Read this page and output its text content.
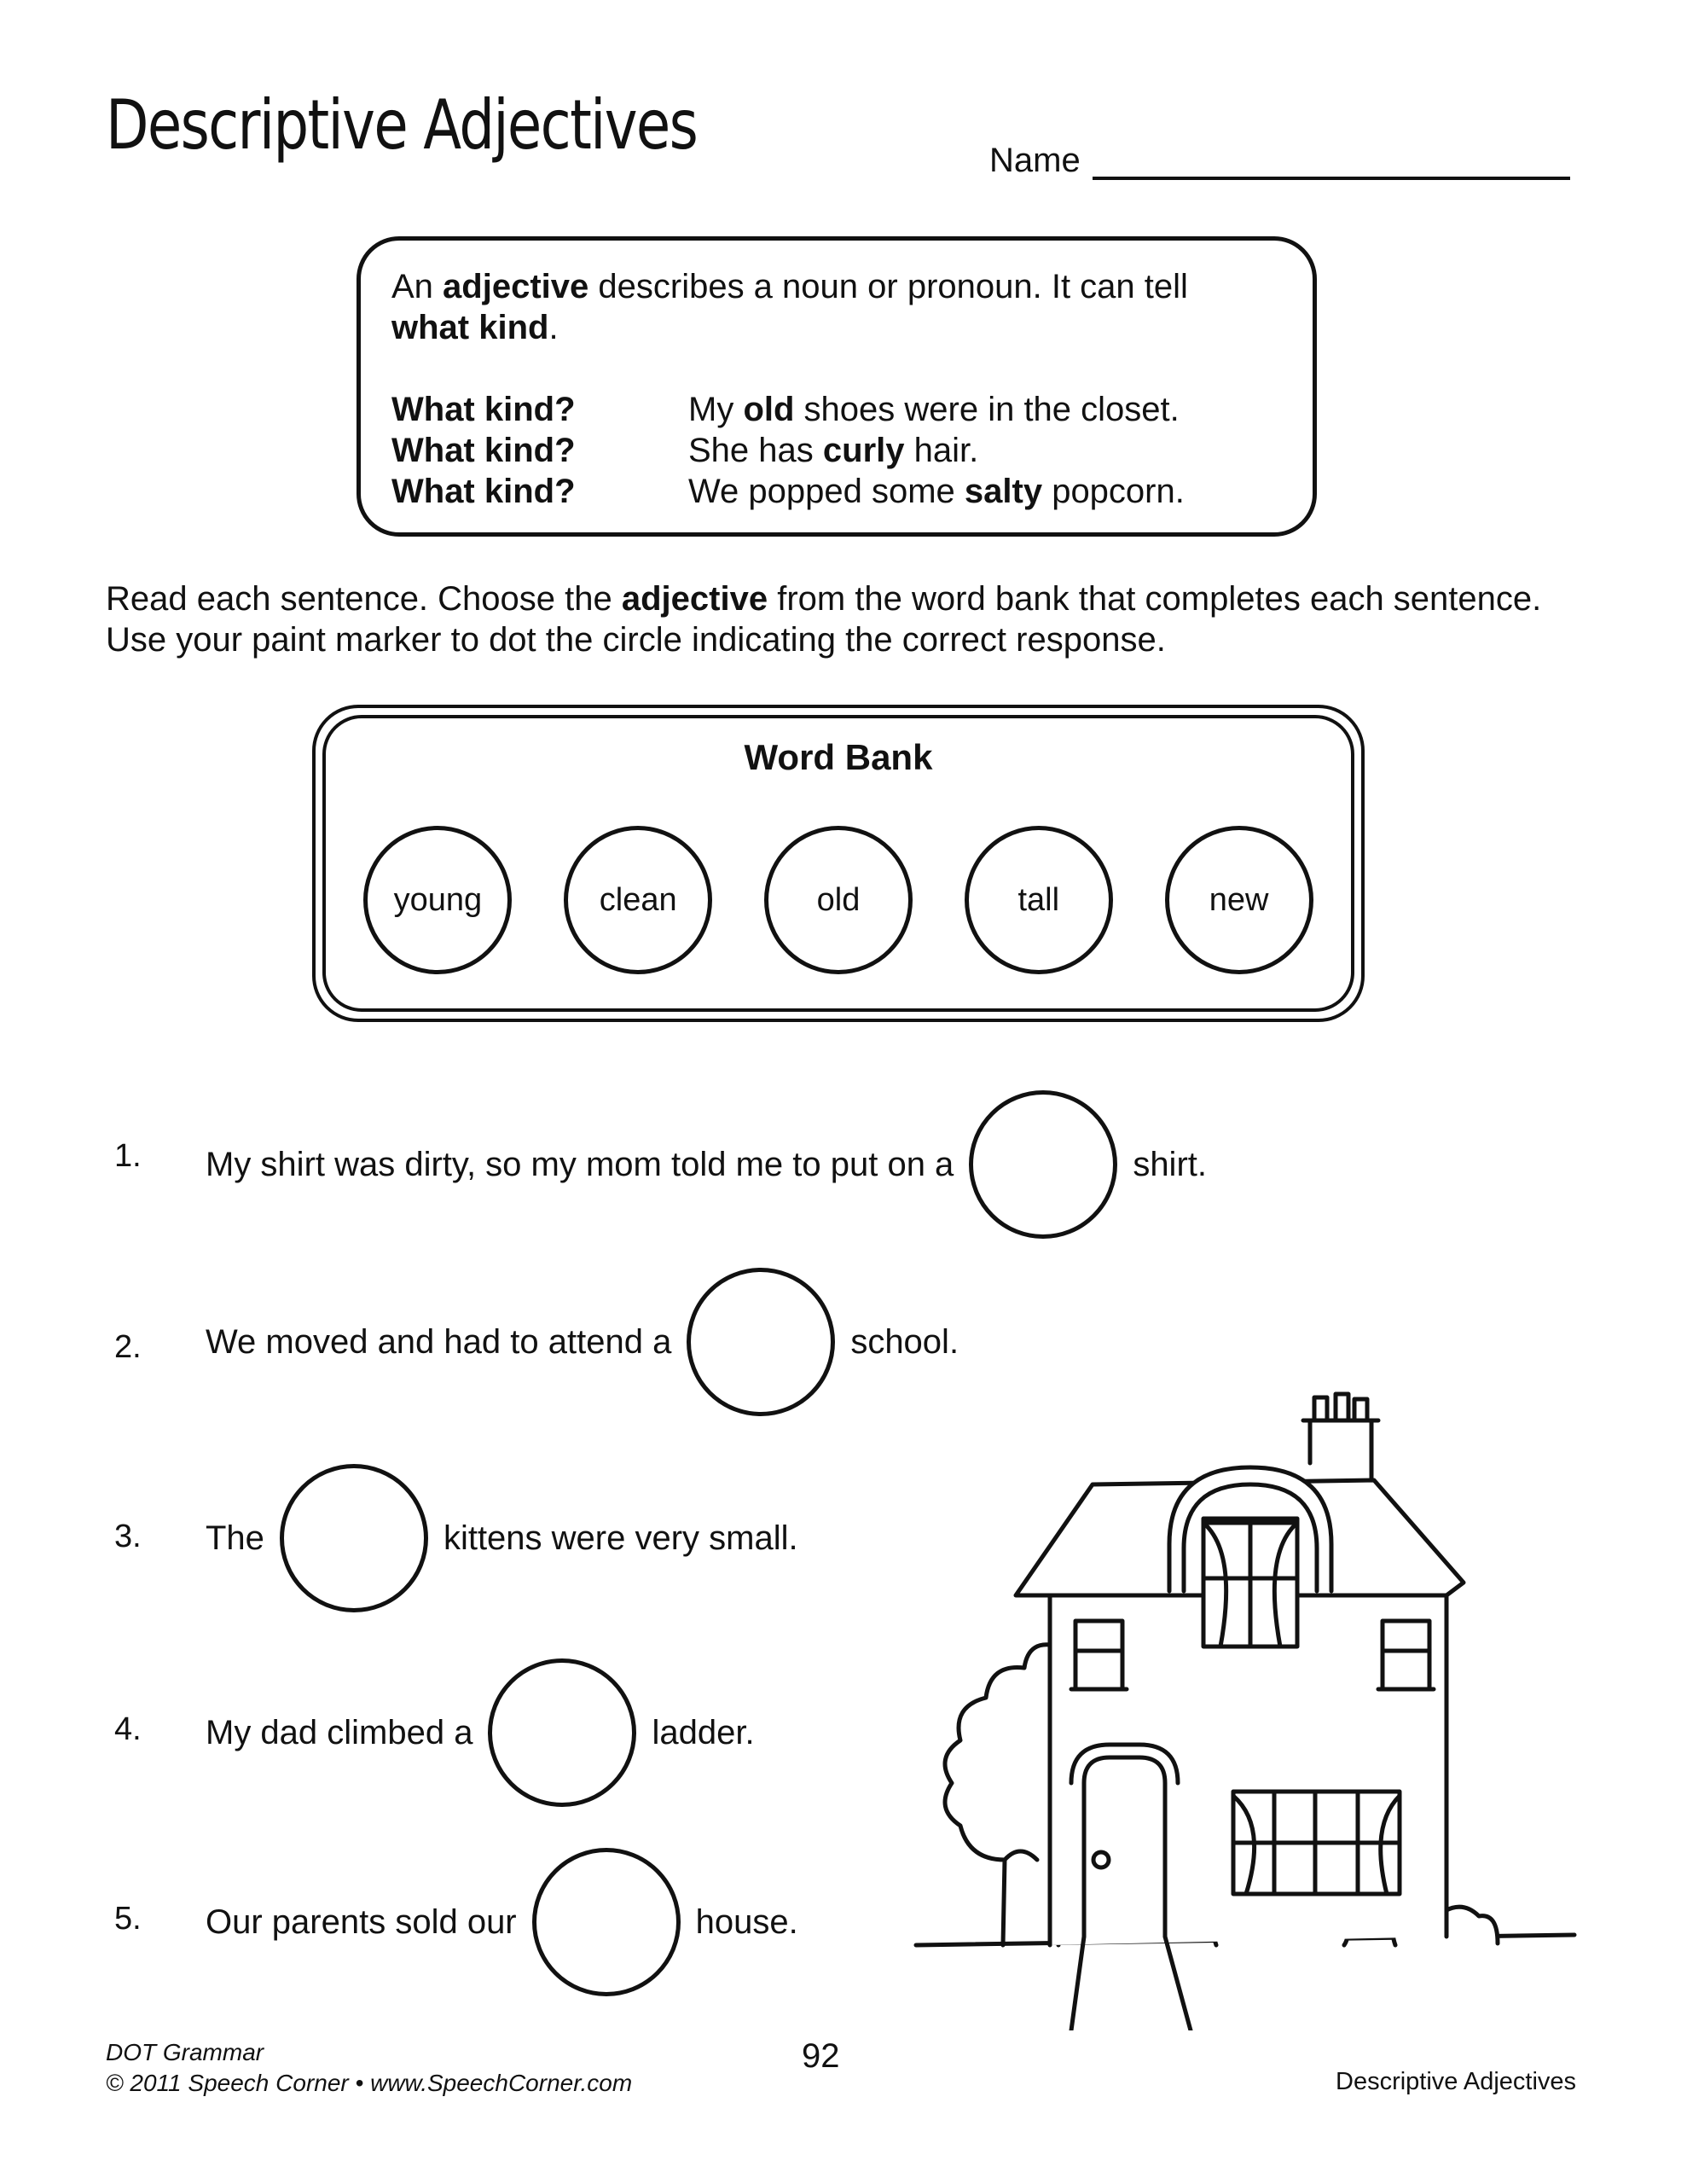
Descriptive Adjectives	Name
An adjective describes a noun or pronoun. It can tell what kind.
What kind?	My old shoes were in the closet.
What kind?	She has curly hair.
What kind?	We popped some salty popcorn.
Read each sentence. Choose the adjective from the word bank that completes each sentence. Use your paint marker to dot the circle indicating the correct response.
Word Bank
young	clean	old	tall	new
1. My shirt was dirty, so my mom told me to put on a	shirt.
2. We moved and had to attend a	school.
3. The	kittens were very small.
4. My dad climbed a	ladder.
5. Our parents sold our	house.
DOT Grammar
© 2011 Speech Corner • www.SpeechCorner.com
92
Descriptive Adjectives
